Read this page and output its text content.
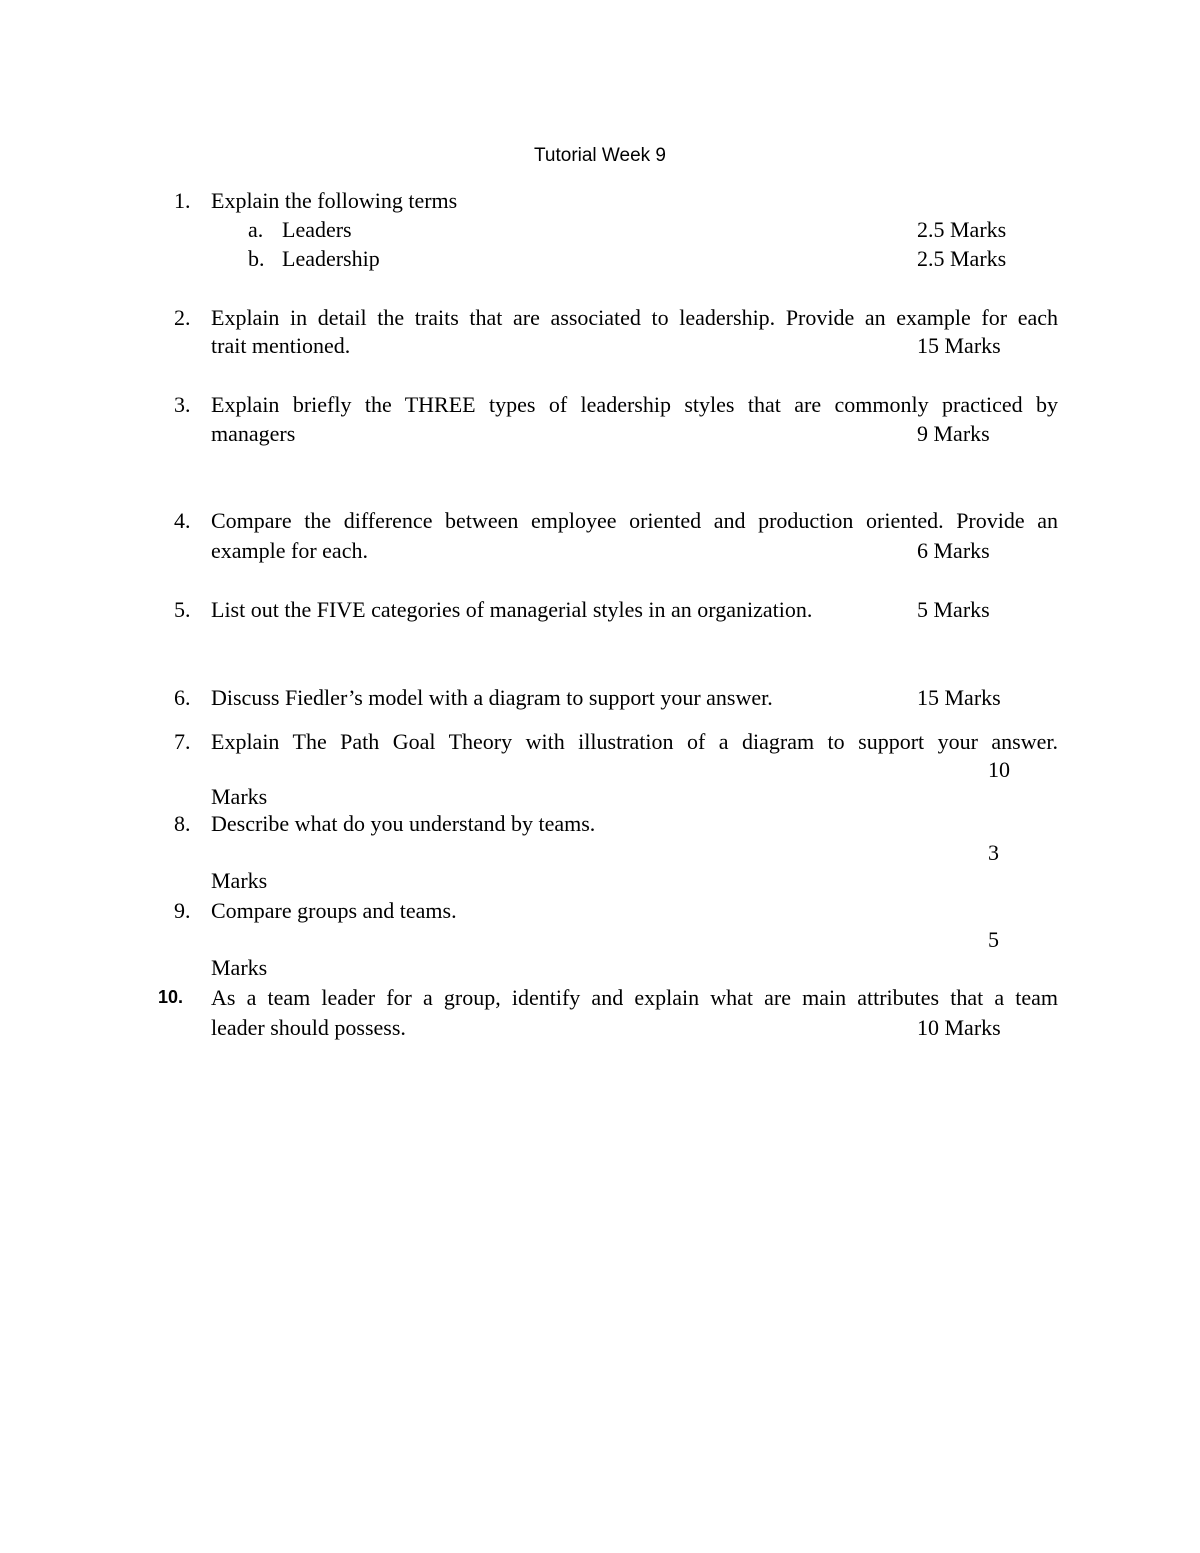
Tutorial Week 9
1. Explain the following terms
a. Leaders	2.5 Marks
b. Leadership	2.5 Marks
2. Explain in detail the traits that are associated to leadership. Provide an example for each
trait mentioned.	15 Marks
3. Explain briefly the THREE types of leadership styles that are commonly practiced by
managers	9 Marks
4. Compare the difference between employee oriented and production oriented. Provide an
example for each.	6 Marks
5. List out the FIVE categories of managerial styles in an organization.	5 Marks
6. Discuss Fiedler’s model with a diagram to support your answer.	15 Marks
7. Explain The Path Goal Theory with illustration of a diagram to support your answer.
10
Marks
8. Describe what do you understand by teams.
3
Marks
9. Compare groups and teams.
5
Marks
10. As a team leader for a group, identify and explain what are main attributes that a team
leader should possess.	10 Marks
